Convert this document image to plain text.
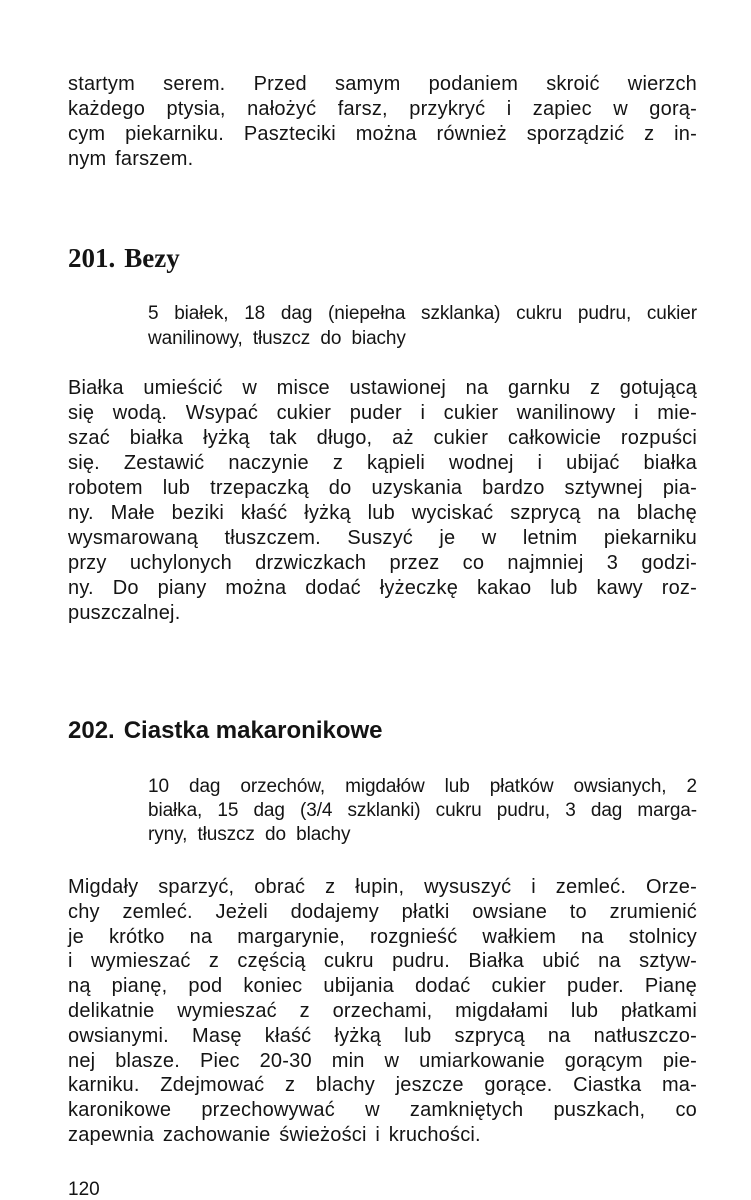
startym serem. Przed samym podaniem skroić wierzch
każdego ptysia, nałożyć farsz, przykryć i zapiec w gorą-
cym piekarniku. Paszteciki można również sporządzić z in-
nym farszem.
201. Bezy
5 białek, 18 dag (niepełna szklanka) cukru pudru, cukier
wanilinowy, tłuszcz do biachy
Białka umieścić w misce ustawionej na garnku z gotującą
się wodą. Wsypać cukier puder i cukier wanilinowy i mie-
szać białka łyżką tak długo, aż cukier całkowicie rozpuści
się. Zestawić naczynie z kąpieli wodnej i ubijać białka
robotem lub trzepaczką do uzyskania bardzo sztywnej pia-
ny. Małe beziki kłaść łyżką lub wyciskać szprycą na blachę
wysmarowaną tłuszczem. Suszyć je w letnim piekarniku
przy uchylonych drzwiczkach przez co najmniej 3 godzi-
ny. Do piany można dodać łyżeczkę kakao lub kawy roz-
puszczalnej.
202. Ciastka makaronikowe
10 dag orzechów, migdałów lub płatków owsianych, 2
białka, 15 dag (3/4 szklanki) cukru pudru, 3 dag marga-
ryny, tłuszcz do blachy
Migdały sparzyć, obrać z łupin, wysuszyć i zemleć. Orze-
chy zemleć. Jeżeli dodajemy płatki owsiane to zrumienić
je krótko na margarynie, rozgnieść wałkiem na stolnicy
i wymieszać z częścią cukru pudru. Białka ubić na sztyw-
ną pianę, pod koniec ubijania dodać cukier puder. Pianę
delikatnie wymieszać z orzechami, migdałami lub płatkami
owsianymi. Masę kłaść łyżką lub szprycą na natłuszczo-
nej blasze. Piec 20-30 min w umiarkowanie gorącym pie-
karniku. Zdejmować z blachy jeszcze gorące. Ciastka ma-
karonikowe przechowywać w zamkniętych puszkach, co
zapewnia zachowanie świeżości i kruchości.
120
